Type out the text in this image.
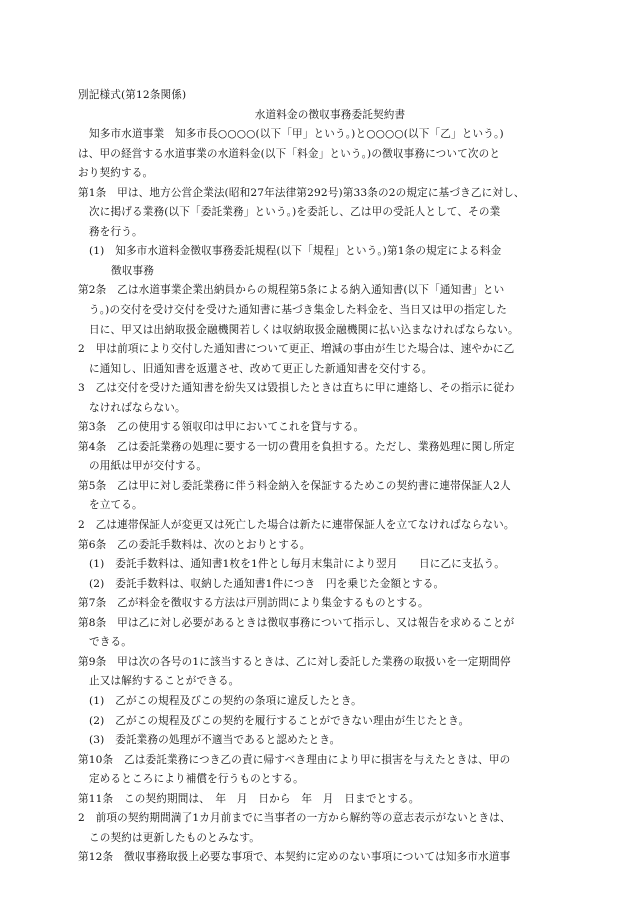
別記様式(第12条関係)
水道料金の徴収事務委託契約書
知多市水道事業　知多市長○○○○(以下「甲」という。)と○○○○(以下「乙」という。)
は、甲の経営する水道事業の水道料金(以下「料金」という。)の徴収事務について次のと
おり契約する。
第1条　甲は、地方公営企業法(昭和27年法律第292号)第33条の2の規定に基づき乙に対し、
次に掲げる業務(以下「委託業務」という。)を委託し、乙は甲の受託人として、その業
務を行う。
(1)　知多市水道料金徴収事務委託規程(以下「規程」という。)第1条の規定による料金
徴収事務
第2条　乙は水道事業企業出納員からの規程第5条による納入通知書(以下「通知書」とい
う。)の交付を受け交付を受けた通知書に基づき集金した料金を、当日又は甲の指定した
日に、甲又は出納取扱金融機関若しくは収納取扱金融機関に払い込まなければならない。
2　甲は前項により交付した通知書について更正、増減の事由が生じた場合は、速やかに乙
に通知し、旧通知書を返還させ、改めて更正した新通知書を交付する。
3　乙は交付を受けた通知書を紛失又は毀損したときは直ちに甲に連絡し、その指示に従わ
なければならない。
第3条　乙の使用する領収印は甲においてこれを貸与する。
第4条　乙は委託業務の処理に要する一切の費用を負担する。ただし、業務処理に関し所定
の用紙は甲が交付する。
第5条　乙は甲に対し委託業務に伴う料金納入を保証するためこの契約書に連帯保証人2人
を立てる。
2　乙は連帯保証人が変更又は死亡した場合は新たに連帯保証人を立てなければならない。
第6条　乙の委託手数料は、次のとおりとする。
(1)　委託手数料は、通知書1枚を1件とし毎月末集計により翌月　　日に乙に支払う。
(2)　委託手数料は、収納した通知書1件につき　円を乗じた金額とする。
第7条　乙が料金を徴収する方法は戸別訪問により集金するものとする。
第8条　甲は乙に対し必要があるときは徴収事務について指示し、又は報告を求めることが
できる。
第9条　甲は次の各号の1に該当するときは、乙に対し委託した業務の取扱いを一定期間停
止又は解約することができる。
(1)　乙がこの規程及びこの契約の条項に違反したとき。
(2)　乙がこの規程及びこの契約を履行することができない理由が生じたとき。
(3)　委託業務の処理が不適当であると認めたとき。
第10条　乙は委託業務につき乙の責に帰すべき理由により甲に損害を与えたときは、甲の
定めるところにより補償を行うものとする。
第11条　この契約期間は、　年　月　日から　年　月　日までとする。
2　前項の契約期間満了1カ月前までに当事者の一方から解約等の意志表示がないときは、
この契約は更新したものとみなす。
第12条　徴収事務取扱上必要な事項で、本契約に定めのない事項については知多市水道事
